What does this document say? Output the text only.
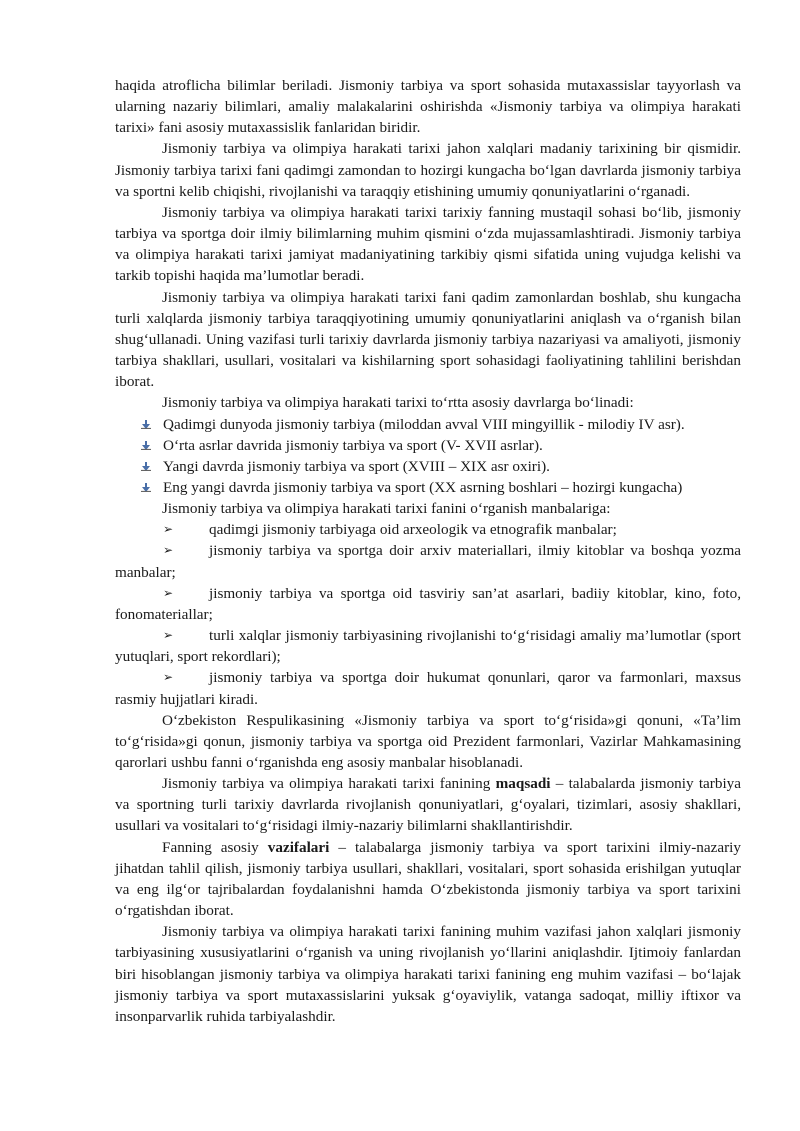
haqida atroflicha bilimlar beriladi. Jismoniy tarbiya va sport sohasida mutaxassislar tayyorlash va ularning nazariy bilimlari, amaliy malakalarini oshirishda «Jismoniy tarbiya va olimpiya harakati tarixi» fani asosiy mutaxassislik fanlaridan biridir.

Jismoniy tarbiya va olimpiya harakati tarixi jahon xalqlari madaniy tarixining bir qismidir. Jismoniy tarbiya tarixi fani qadimgi zamondan to hozirgi kungacha bo‘lgan davrlarda jismoniy tarbiya va sportni kelib chiqishi, rivojlanishi va taraqqiy etishining umumiy qonuniyatlarini o‘rganadi.

Jismoniy tarbiya va olimpiya harakati tarixi tarixiy fanning mustaqil sohasi bo‘lib, jismoniy tarbiya va sportga doir ilmiy bilimlarning muhim qismini o‘zda mujassamlashtiradi. Jismoniy tarbiya va olimpiya harakati tarixi jamiyat madaniyatining tarkibiy qismi sifatida uning vujudga kelishi va tarkib topishi haqida ma’lumotlar beradi.

Jismoniy tarbiya va olimpiya harakati tarixi fani qadim zamonlardan boshlab, shu kungacha turli xalqlarda jismoniy tarbiya taraqqiyotining umumiy qonuniyatlarini aniqlash va o‘rganish bilan shug‘ullanadi. Uning vazifasi turli tarixiy davrlarda jismoniy tarbiya nazariyasi va amaliyoti, jismoniy tarbiya shakllari, usullari, vositalari va kishilarning sport sohasidagi faoliyatining tahlilini berishdan iborat.

Jismoniy tarbiya va olimpiya harakati tarixi to‘rtta asosiy davrlarga bo‘linadi:

Qadimgi dunyoda jismoniy tarbiya (miloddan avval VIII mingyillik - milodiy IV asr).
O‘rta asrlar davrida jismoniy tarbiya va sport (V- XVII asrlar).
Yangi davrda jismoniy tarbiya va sport (XVIII – XIX asr oxiri).
Eng yangi davrda jismoniy tarbiya va sport (XX asrning boshlari – hozirgi kungacha)

Jismoniy tarbiya va olimpiya harakati tarixi fanini o‘rganish manbalariga:

➢ qadimgi jismoniy tarbiyaga oid arxeologik va etnografik manbalar;

➢ jismoniy tarbiya va sportga doir arxiv materiallari, ilmiy kitoblar va boshqa yozma manbalar;

➢ jismoniy tarbiya va sportga oid tasviriy san’at asarlari, badiiy kitoblar, kino, foto, fonomateriallar;

➢ turli xalqlar jismoniy tarbiyasining rivojlanishi to‘g‘risidagi amaliy ma’lumotlar (sport yutuqlari, sport rekordlari);

➢ jismoniy tarbiya va sportga doir hukumat qonunlari, qaror va farmonlari, maxsus rasmiy hujjatlari kiradi.

O‘zbekiston Respulikasining «Jismoniy tarbiya va sport to‘g‘risida»gi qonuni, «Ta’lim to‘g‘risida»gi qonun, jismoniy tarbiya va sportga oid Prezident farmonlari, Vazirlar Mahkamasining qarorlari ushbu fanni o‘rganishda eng asosiy manbalar hisoblanadi.

Jismoniy tarbiya va olimpiya harakati tarixi fanining maqsadi – talabalarda jismoniy tarbiya va sportning turli tarixiy davrlarda rivojlanish qonuniyatlari, g‘oyalari, tizimlari, asosiy shakllari, usullari va vositalari to‘g‘risidagi ilmiy-nazariy bilimlarni shakllantirishdir.

Fanning asosiy vazifalari – talabalarga jismoniy tarbiya va sport tarixini ilmiy-nazariy jihatdan tahlil qilish, jismoniy tarbiya usullari, shakllari, vositalari, sport sohasida erishilgan yutuqlar va eng ilg‘or tajribalardan foydalanishni hamda O‘zbekistonda jismoniy tarbiya va sport tarixini o‘rgatishdan iborat.

Jismoniy tarbiya va olimpiya harakati tarixi fanining muhim vazifasi jahon xalqlari jismoniy tarbiyasining xususiyatlarini o‘rganish va uning rivojlanish yo‘llarini aniqlashdir. Ijtimoiy fanlardan biri hisoblangan jismoniy tarbiya va olimpiya harakati tarixi fanining eng muhim vazifasi – bo‘lajak jismoniy tarbiya va sport mutaxassislarini yuksak g‘oyaviylik, vatanga sadoqat, milliy iftixor va insonparvarlik ruhida tarbiyalashdir.
